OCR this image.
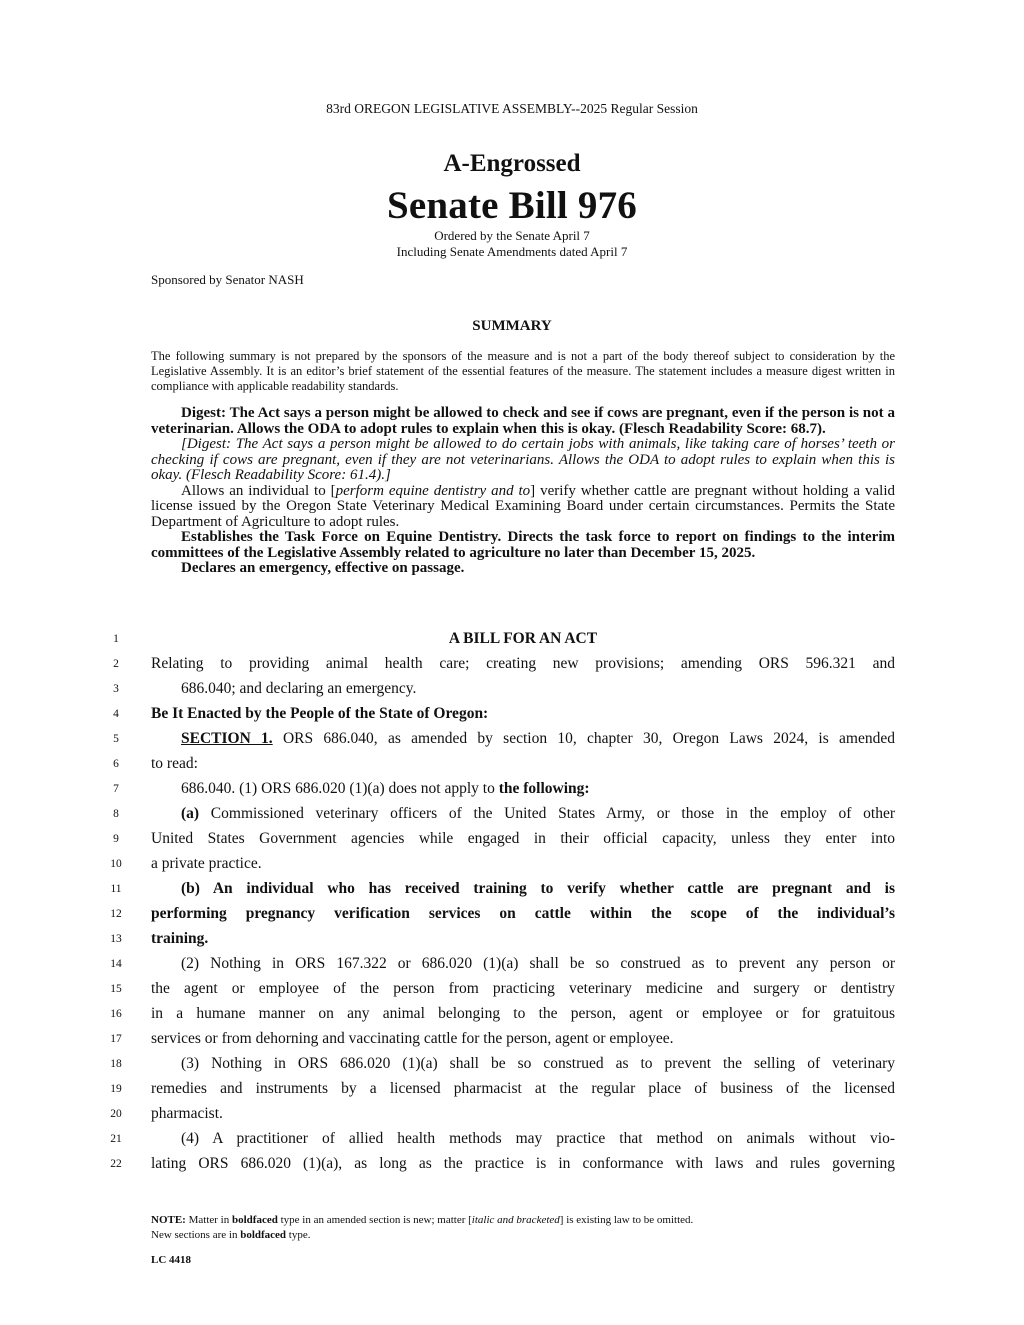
83rd OREGON LEGISLATIVE ASSEMBLY--2025 Regular Session
A-Engrossed
Senate Bill 976
Ordered by the Senate April 7
Including Senate Amendments dated April 7
Sponsored by Senator NASH
SUMMARY
The following summary is not prepared by the sponsors of the measure and is not a part of the body thereof subject to consideration by the Legislative Assembly. It is an editor’s brief statement of the essential features of the measure. The statement includes a measure digest written in compliance with applicable readability standards.

Digest: The Act says a person might be allowed to check and see if cows are pregnant, even if the person is not a veterinarian. Allows the ODA to adopt rules to explain when this is okay. (Flesch Readability Score: 68.7).

[Digest: The Act says a person might be allowed to do certain jobs with animals, like taking care of horses’ teeth or checking if cows are pregnant, even if they are not veterinarians. Allows the ODA to adopt rules to explain when this is okay. (Flesch Readability Score: 61.4).]

Allows an individual to [perform equine dentistry and to] verify whether cattle are pregnant without holding a valid license issued by the Oregon State Veterinary Medical Examining Board under certain circumstances. Permits the State Department of Agriculture to adopt rules.

Establishes the Task Force on Equine Dentistry. Directs the task force to report on findings to the interim committees of the Legislative Assembly related to agriculture no later than December 15, 2025.

Declares an emergency, effective on passage.

1	A BILL FOR AN ACT
2	Relating to providing animal health care; creating new provisions; amending ORS 596.321 and
3	686.040; and declaring an emergency.
4	Be It Enacted by the People of the State of Oregon:
5	SECTION 1. ORS 686.040, as amended by section 10, chapter 30, Oregon Laws 2024, is amended
6	to read:
7	686.040. (1) ORS 686.020 (1)(a) does not apply to the following:
8	(a) Commissioned veterinary officers of the United States Army, or those in the employ of other
9	United States Government agencies while engaged in their official capacity, unless they enter into
10	a private practice.
11	(b) An individual who has received training to verify whether cattle are pregnant and is
12	performing pregnancy verification services on cattle within the scope of the individual’s
13	training.
14	(2) Nothing in ORS 167.322 or 686.020 (1)(a) shall be so construed as to prevent any person or
15	the agent or employee of the person from practicing veterinary medicine and surgery or dentistry
16	in a humane manner on any animal belonging to the person, agent or employee or for gratuitous
17	services or from dehorning and vaccinating cattle for the person, agent or employee.
18	(3) Nothing in ORS 686.020 (1)(a) shall be so construed as to prevent the selling of veterinary
19	remedies and instruments by a licensed pharmacist at the regular place of business of the licensed
20	pharmacist.
21	(4) A practitioner of allied health methods may practice that method on animals without vio-
22	lating ORS 686.020 (1)(a), as long as the practice is in conformance with laws and rules governing
NOTE: Matter in boldfaced type in an amended section is new; matter [italic and bracketed] is existing law to be omitted.
New sections are in boldfaced type.
LC 4418
